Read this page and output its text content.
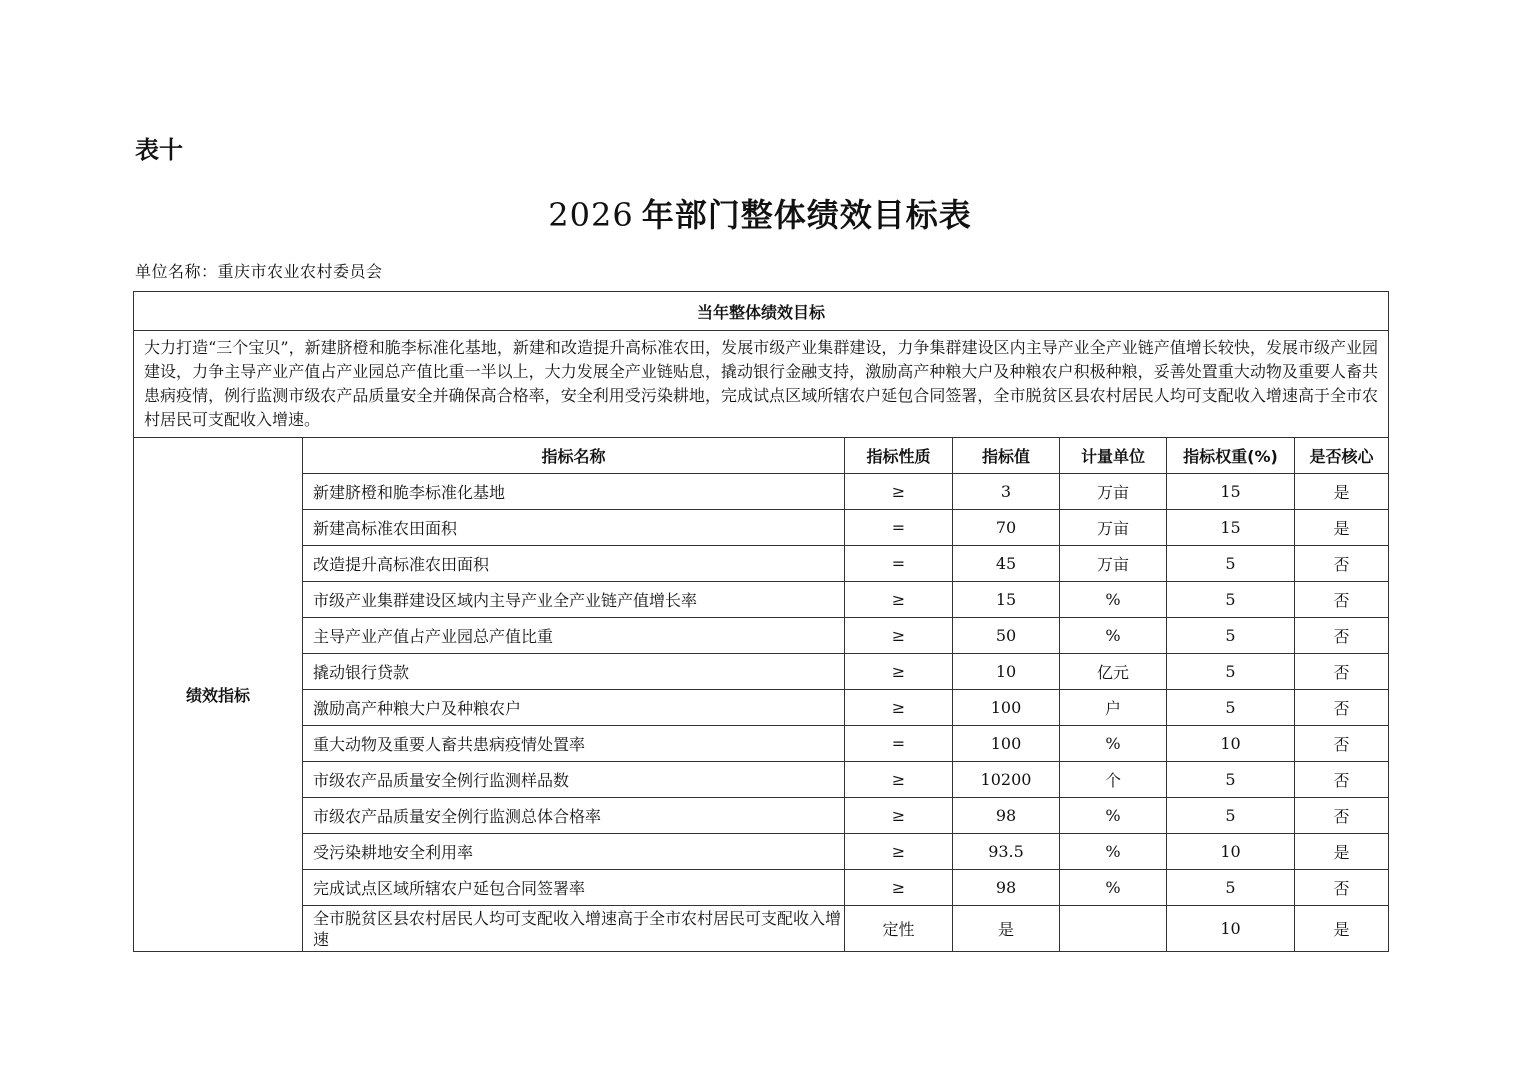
表十
2026 年部门整体绩效目标表
单位名称：重庆市农业农村委员会
当年整体绩效目标						
大力打造“三个宝贝”，新建脐橙和脆李标准化基地，新建和改造提升高标准农田，发展市级产业集群建设，力争集群建设区内主导产业全产业链产值增长较快，发展市级产业园建设，力争主导产业产值占产业园总产值比重一半以上，大力发展全产业链贴息，撬动银行金融支持，激励高产种粮大户及种粮农户积极种粮，妥善处置重大动物及重要人畜共患病疫情，例行监测市级农产品质量安全并确保高合格率，安全利用受污染耕地，完成试点区域所辖农户延包合同签署，全市脱贫区县农村居民人均可支配收入增速高于全市农村居民可支配收入增速。						
绩效指标	指标名称	指标性质	指标值	计量单位	指标权重(%)	是否核心
	新建脐橙和脆李标准化基地	≥	3	万亩	15	是
	新建高标准农田面积	=	70	万亩	15	是
	改造提升高标准农田面积	=	45	万亩	5	否
	市级产业集群建设区域内主导产业全产业链产值增长率	≥	15	%	5	否
	主导产业产值占产业园总产值比重	≥	50	%	5	否
	撬动银行贷款	≥	10	亿元	5	否
	激励高产种粮大户及种粮农户	≥	100	户	5	否
	重大动物及重要人畜共患病疫情处置率	=	100	%	10	否
	市级农产品质量安全例行监测样品数	≥	10200	个	5	否
	市级农产品质量安全例行监测总体合格率	≥	98	%	5	否
	受污染耕地安全利用率	≥	93.5	%	10	是
	完成试点区域所辖农户延包合同签署率	≥	98	%	5	否
	全市脱贫区县农村居民人均可支配收入增速高于全市农村居民可支配收入增速	定性	是		10	是
